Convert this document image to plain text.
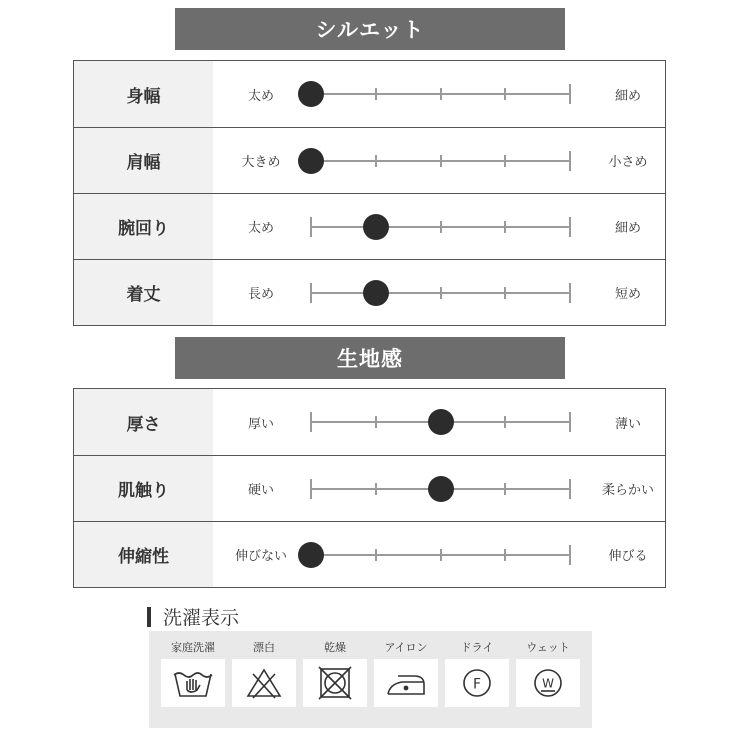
シルエット
身幅	太め	細め
肩幅	大きめ	小さめ
腕回り	太め	細め
着丈	長め	短め
生地感
厚さ	厚い	薄い
肌触り	硬い	柔らかい
伸縮性	伸びない	伸びる
洗濯表示
家庭洗濯	漂白	乾燥	アイロン	ドライ
F
ウェット
W
